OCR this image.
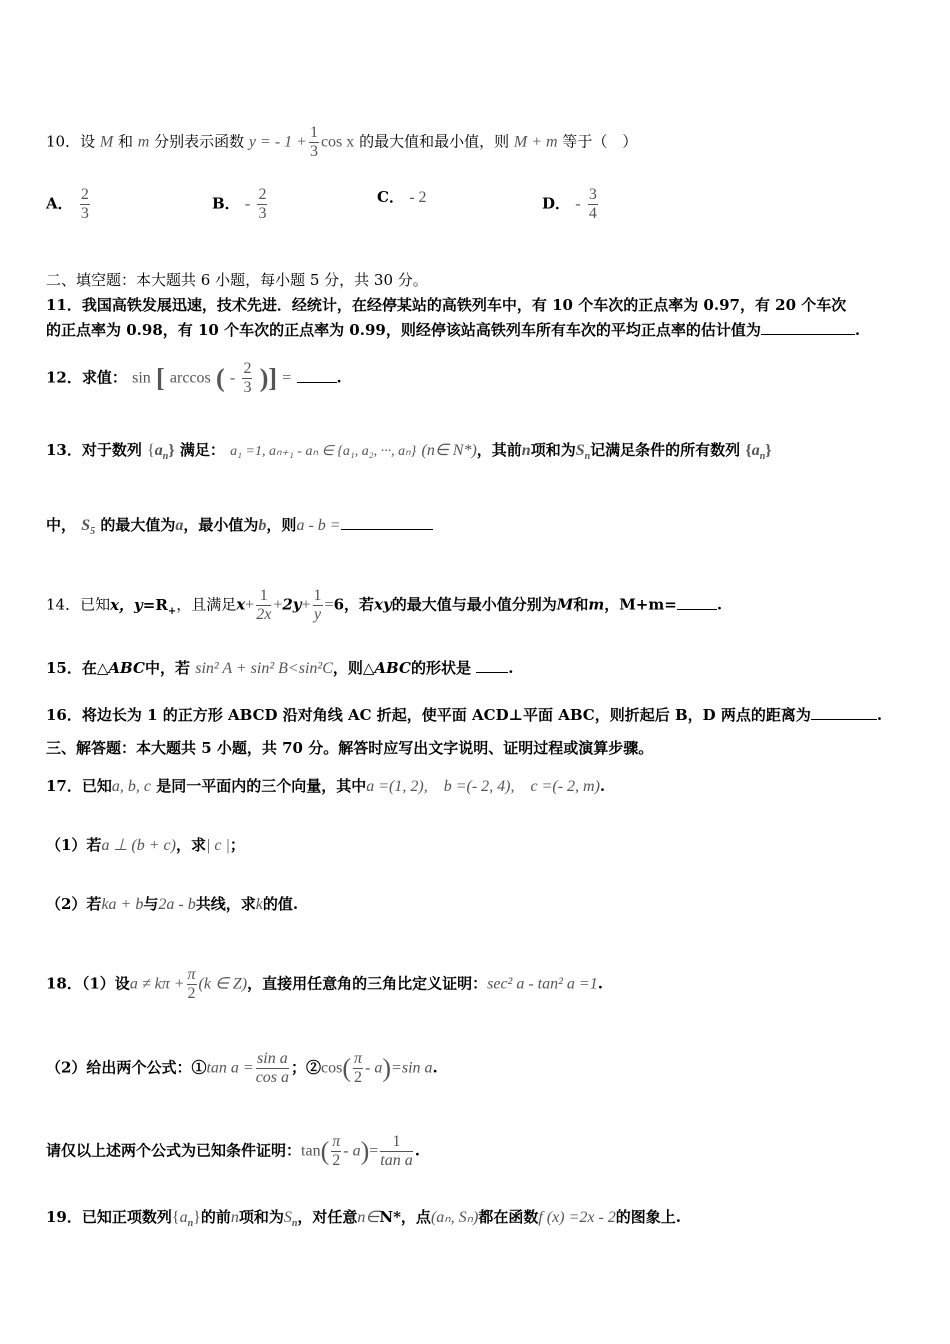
10．设 M 和 m 分别表示函数 y = - $1 + \frac{1}{3}$ cos x 的最大值和最小值，则 M + m 等于（　）
A． $\frac{2}{3}$	B． - $\frac{2}{3}$	C． - 2	D． - $\frac{3}{4}$
二、填空题：本大题共 6 小题，每小题 5 分，共 30 分。
11．我国高铁发展迅速，技术先进．经统计，在经停某站的高铁列车中，有 10 个车次的正点率为 0.97，有 20 个车次
的正点率为 0.98，有 10 个车次的正点率为 0.99，则经停该站高铁列车所有车次的平均正点率的估计值为	.
12．求值： sin [ arccos ( - $\frac{2}{3}$ )] =	.
13．对于数列 $\{a_n\}$ 满足： a₁ =1, aₙ₊₁ - aₙ ∈ {a₁, a₂, ···, aₙ} (n∈ N*)，其前n项和为$S_n$记满足条件的所有数列 $\{a_n\}$
中， $S_5$ 的最大值为a，最小值为b，则a - b =
14．已知x，$y=R_+$，且满足$x+ \frac{1}{2x} +2y+ \frac{1}{y} =6$，若xy的最大值与最小值分别为M和m，M+m=	.
15．在△ABC中，若 sin² A + sin² B<sin²C，则△ABC的形状是 .
16．将边长为 1 的正方形 ABCD 沿对角线 AC 折起，使平面 ACD⊥平面 ABC，则折起后 B，D 两点的距离为	.
三、解答题：本大题共 5 小题，共 70 分。解答时应写出文字说明、证明过程或演算步骤。
17．已知a, b, c 是同一平面内的三个向量，其中a =(1, 2),　b =(- 2, 4),　c =(- 2, m).
（1）若a ⊥ (b + c)，求| c |；
（2）若ka + b与2a - b共线，求k的值.
18．（1）设$a \ne k\pi + \frac{\pi}{2} (k$ ∈ Z)，直接用任意角的三角比定义证明：sec² a - tan² a =1.
（2）给出两个公式：①tan $a = \frac{\text{sin a}}{\text{cos a}}$ ；②cos( $\frac{\pi}{2} - a)=\sin$ a.
请仅以上述两个公式为已知条件证明：$\tan( \frac{\pi}{2} - a)= \frac{1}{\text{tan a}}$ .
19．已知正项数列$\{a_n\}$的前n项和为$S_n$，对任意n∈N*，点(aₙ, Sₙ)都在函数f (x) =2x - 2的图象上.
